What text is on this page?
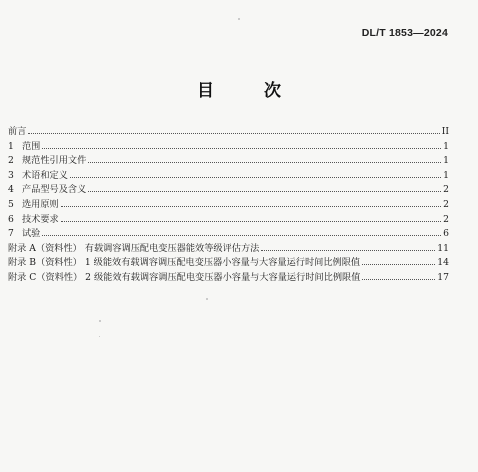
DL/T 1853—2024
目 次
前言	II
1 范围	1
2 规范性引用文件	1
3 术语和定义	1
4 产品型号及含义	2
5 选用原则	2
6 技术要求	2
7 试验	6
附录 A（资料性） 有载调容调压配电变压器能效等级评估方法	11
附录 B（资料性） 1 级能效有载调容调压配电变压器小容量与大容量运行时间比例限值	14
附录 C（资料性） 2 级能效有载调容调压配电变压器小容量与大容量运行时间比例限值	17
